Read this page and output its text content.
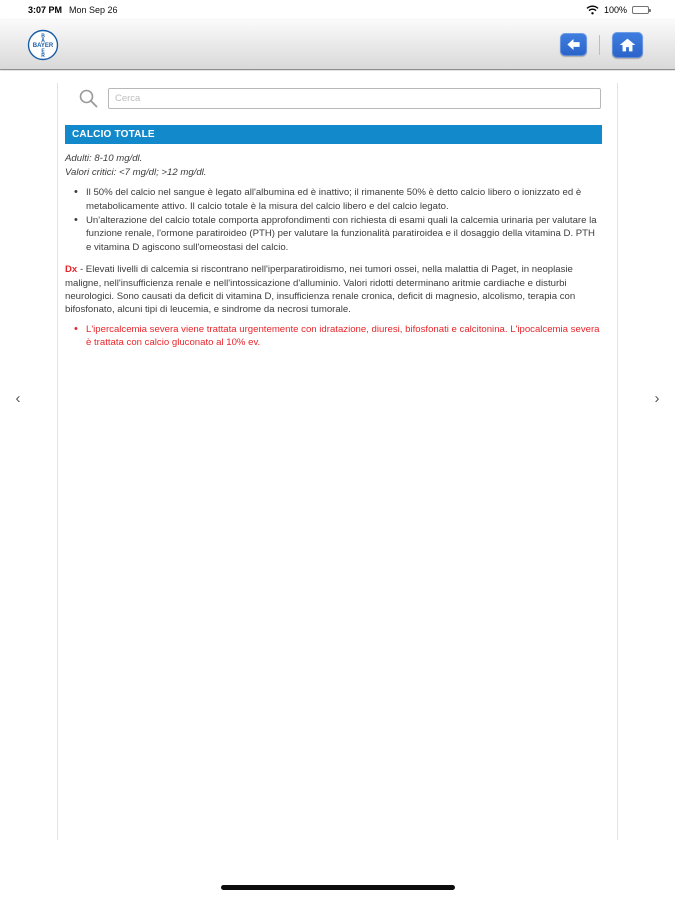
3:07 PM Mon Sep 26	100%
BAYER
B
A
E
R
Cerca
CALCIO TOTALE
Adulti: 8-10 mg/dl.
Valori critici: <7 mg/dl; >12 mg/dl.
• Il 50% del calcio nel sangue è legato all'albumina ed è inattivo; il rimanente 50% è detto calcio libero o ionizzato ed è metabolicamente attivo. Il calcio totale è la misura del calcio libero e del calcio legato.
• Un'alterazione del calcio totale comporta approfondimenti con richiesta di esami quali la calcemia urinaria per valutare la funzione renale, l'ormone paratiroideo (PTH) per valutare la funzionalità paratiroidea e il dosaggio della vitamina D. PTH e vitamina D agiscono sull'omeostasi del calcio.

Dx - Elevati livelli di calcemia si riscontrano nell'iperparatiroidismo, nei tumori ossei, nella malattia di Paget, in neoplasie maligne, nell'insufficienza renale e nell'intossicazione d'alluminio. Valori ridotti determinano aritmie cardiache e disturbi neurologici. Sono causati da deficit di vitamina D, insufficienza renale cronica, deficit di magnesio, alcolismo, terapia con bifosfonato, alcuni tipi di leucemia, e sindrome da necrosi tumorale.

• L'ipercalcemia severa viene trattata urgentemente con idratazione, diuresi, bifosfonati e calcitonina. L'ipocalcemia severa è trattata con calcio gluconato al 10% ev.
‹	›
